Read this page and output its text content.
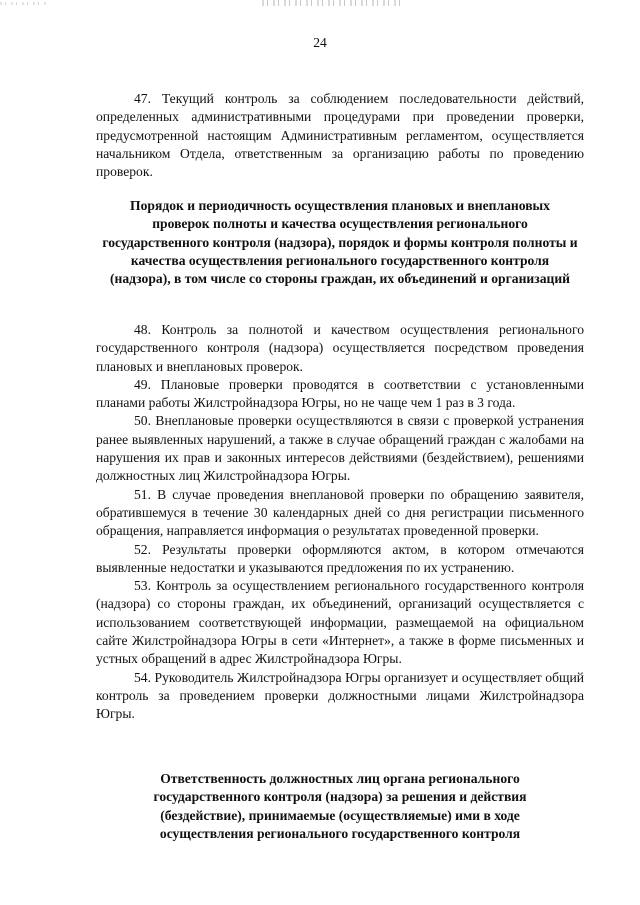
24

47. Текущий контроль за соблюдением последовательности действий, определенных административными процедурами при проведении проверки, предусмотренной настоящим Административным регламентом, осуществляется начальником Отдела, ответственным за организацию работы по проведению проверок.

Порядок и периодичность осуществления плановых и внеплановых проверок полноты и качества осуществления регионального государственного контроля (надзора), порядок и формы контроля полноты и качества осуществления регионального государственного контроля (надзора), в том числе со стороны граждан, их объединений и организаций

48. Контроль за полнотой и качеством осуществления регионального государственного контроля (надзора) осуществляется посредством проведения плановых и внеплановых проверок.

49. Плановые проверки проводятся в соответствии с установленными планами работы Жилстройнадзора Югры, но не чаще чем 1 раз в 3 года.

50. Внеплановые проверки осуществляются в связи с проверкой устранения ранее выявленных нарушений, а также в случае обращений граждан с жалобами на нарушения их прав и законных интересов действиями (бездействием), решениями должностных лиц Жилстройнадзора Югры.

51. В случае проведения внеплановой проверки по обращению заявителя, обратившемуся в течение 30 календарных дней со дня регистрации письменного обращения, направляется информация о результатах проведенной проверки.

52. Результаты проверки оформляются актом, в котором отмечаются выявленные недостатки и указываются предложения по их устранению.

53. Контроль за осуществлением регионального государственного контроля (надзора) со стороны граждан, их объединений, организаций осуществляется с использованием соответствующей информации, размещаемой на официальном сайте Жилстройнадзора Югры в сети «Интернет», а также в форме письменных и устных обращений в адрес Жилстройнадзора Югры.

54. Руководитель Жилстройнадзора Югры организует и осуществляет общий контроль за проведением проверки должностными лицами Жилстройнадзора Югры.

Ответственность должностных лиц органа регионального государственного контроля (надзора) за решения и действия (бездействие), принимаемые (осуществляемые) ими в ходе осуществления регионального государственного контроля
